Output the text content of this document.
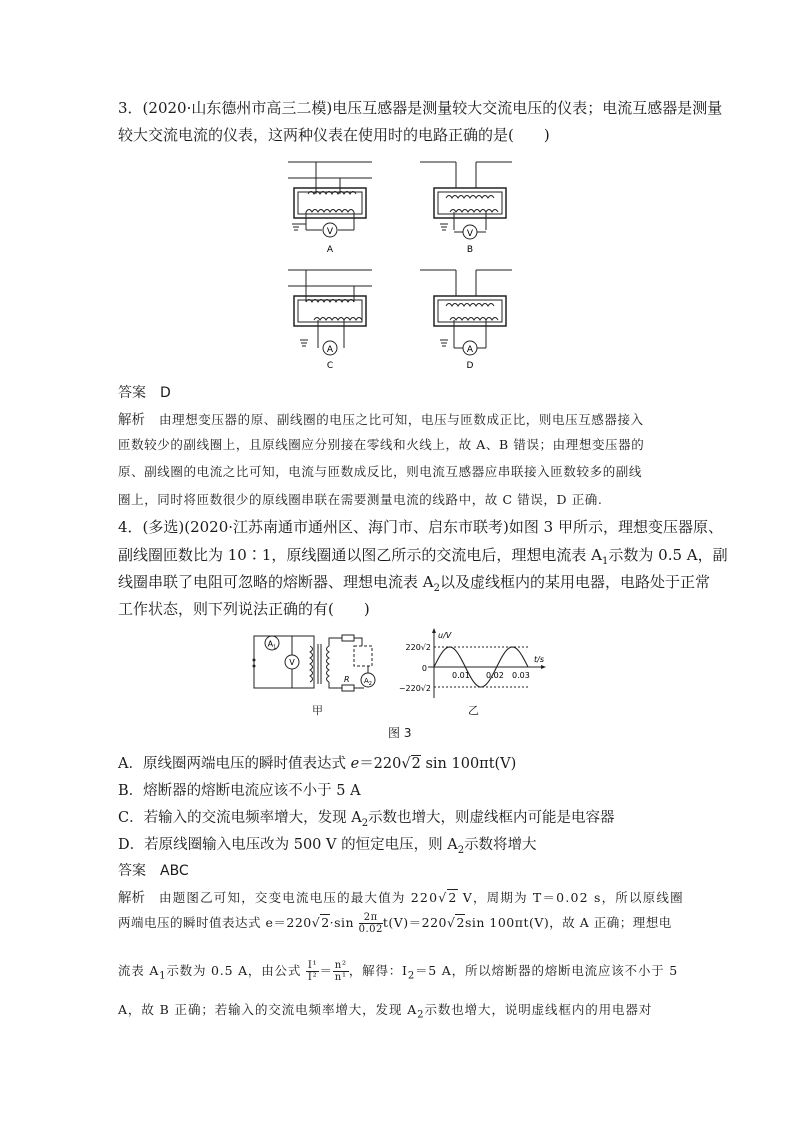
3．(2020·山东德州市高三二模)电压互感器是测量较大交流电压的仪表；电流互感器是测量
较大交流电流的仪表，这两种仪表在使用时的电路正确的是(　　)
V
A
V
B
A
C
A
D
答案 D
解析 由理想变压器的原、副线圈的电压之比可知，电压与匝数成正比，则电压互感器接入
匝数较少的副线圈上，且原线圈应分别接在零线和火线上，故 A、B 错误；由理想变压器的
原、副线圈的电流之比可知，电流与匝数成反比，则电流互感器应串联接入匝数较多的副线
圈上，同时将匝数很少的原线圈串联在需要测量电流的线路中，故 C 错误，D 正确.
4．(多选)(2020·江苏南通市通州区、海门市、启东市联考)如图 3 甲所示，理想变压器原、
副线圈匝数比为 10∶1，原线圈通以图乙所示的交流电后，理想电流表 $A_1$示数为 0.5 A，副
线圈串联了电阻可忽略的熔断器、理想电流表 $A_2$以及虚线框内的某用电器，电路处于正常
工作状态，则下列说法正确的有(　　)
$A_1$
V
R $A_2$
甲
u/V
t/s
220√2
−220√2
0
0.01 0.02 0.03
乙
图 3
A．原线圈两端电压的瞬时值表达式 e＝220√2 sin 100πt(V)
B．熔断器的熔断电流应该不小于 5 A
C．若输入的交流电频率增大，发现 $A_2$示数也增大，则虚线框内可能是电容器
D．若原线圈输入电压改为 500 V 的恒定电压，则 $A_2$示数将增大
答案 ABC
解析 由题图乙可知，交变电流电压的最大值为 220√2 V，周期为 T＝0.02 s，所以原线圈
两端电压的瞬时值表达式 $e=220√2\cdot\sin \frac{2\pi}{0.02} t(V)=220√2\sin$ 100πt(V)，故 A 正确；理想电
流表 $A_1$示数为 0.5 A，由公式 $\frac{\text{I¹}}{\text{I²}} = \frac{\text{n²}}{\text{n¹}}$ ，解得：$I_2=5$ A，所以熔断器的熔断电流应该不小于 5
A，故 B 正确；若输入的交流电频率增大，发现 $A_2$示数也增大，说明虚线框内的用电器对
